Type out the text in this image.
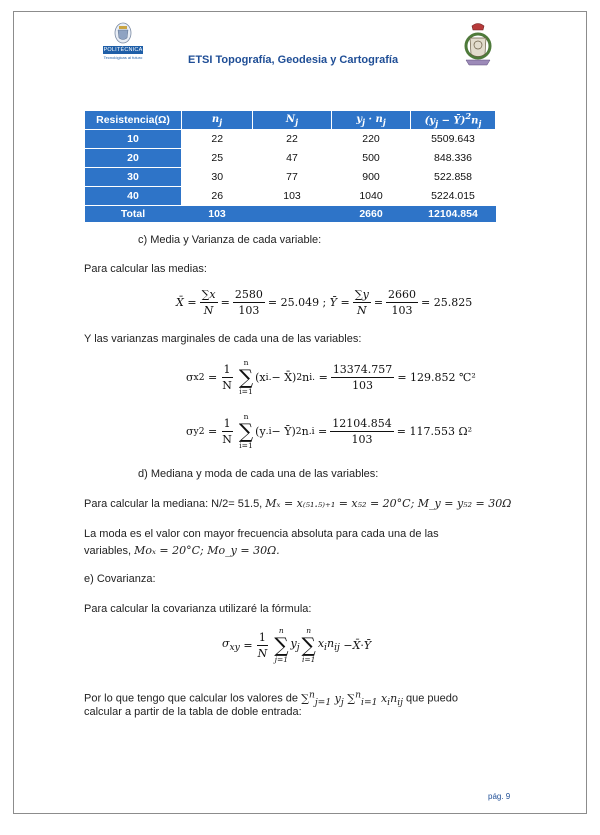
POLITÉCNICA
Tecnológicas al futuro	ETSI Topografía, Geodesia y Cartografía
Resistencia(Ω)	$n_j$	$N_j$	$y_j \cdot n_j$	($y_j$ − $Ȳ)^2n_j$
10	22	22	220	5509.643
20	25	47	500	848.336
30	30	77	900	522.858
40	26	103	1040	5224.015
Total	103		2660	12104.854
c) Media y Varianza de cada variable:
Para calcular las medias:
X̄ = $\frac{\sum x}{N} = \frac{2580}{103} = 25.049$ ;
Ȳ = $\frac{\sum y}{N} = \frac{2660}{103} = 25.825$
Y las varianzas marginales de cada una de las variables:
σ x $2 = \frac{1}{N}$ n
∑
i=1
(x i. − X̄) 2 n i. = $\frac{13374.757}{103} = 129.852$ ℃²
σ y $2 = \frac{1}{N}$ n
∑
i=1
(y .i − Ȳ) 2 n $.i = \frac{12104.854}{103} = 117.553$ Ω²
d) Mediana y moda de cada una de las variables:
Para calcular la mediana: N/2= 51.5, Mₓ = x₍₅₁.₅₎₊₁ = x₅₂ = 20°C; M_y = y₅₂ = 30Ω
La moda es el valor con mayor frecuencia absoluta para cada una de las
variables, Moₓ = 20°C; Mo_y = 30Ω.
e) Covarianza:
Para calcular la covarianza utilizaré la fórmula:
$\sigma_{xy} = \frac{1}{N}$ n
∑
j=1
$y_j$
n
∑
i=1
$x_in_{ij}$ − X̄ · Ȳ
Por lo que tengo que calcular los valores de ∑$^n_{j=1}$ $y_j$ ∑$^n_{i=1}$ $x_in_{ij}$ que puedo
calcular a partir de la tabla de doble entrada:
pág. 9
